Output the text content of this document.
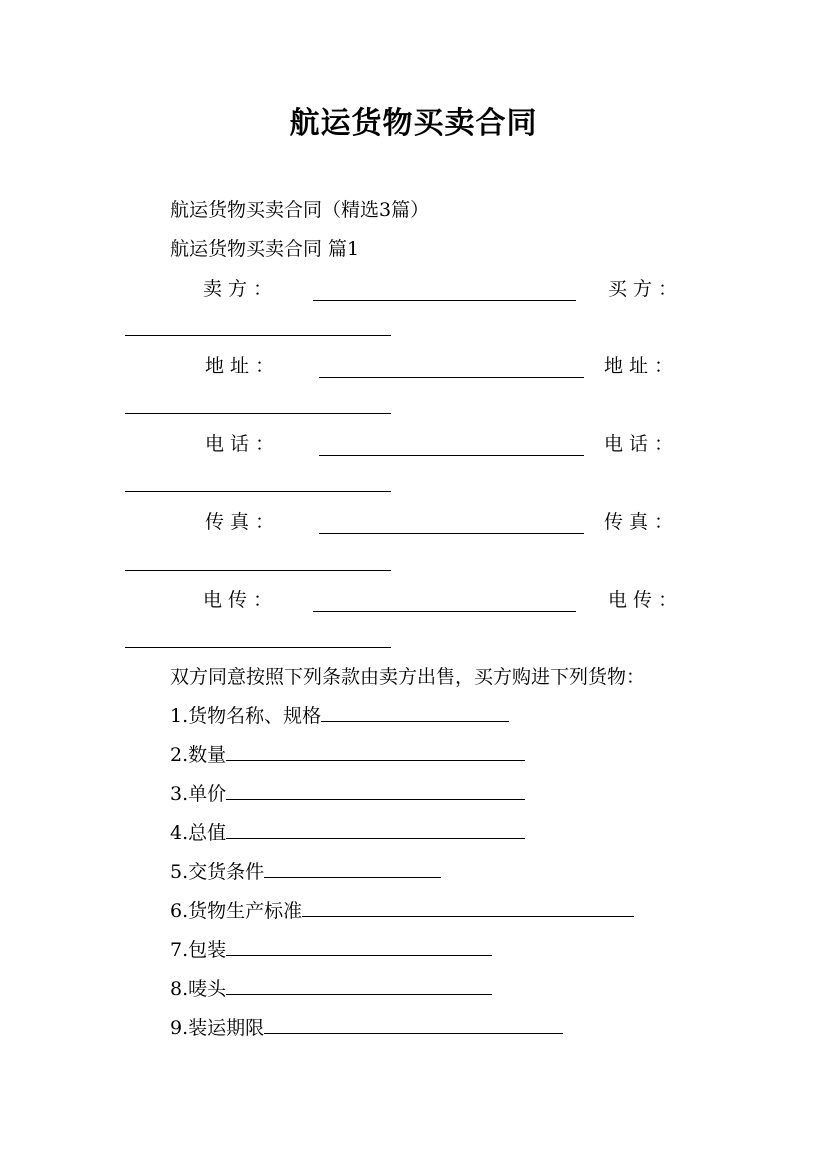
航运货物买卖合同
航运货物买卖合同（精选3篇）
航运货物买卖合同 篇1
卖 方 ：	买 方 ：
地 址 ：	地 址 ：
电 话 ：	电 话 ：
传 真 ：	传 真 ：
电 传 ：	电 传 ：
双方同意按照下列条款由卖方出售，买方购进下列货物：
1.货物名称、规格
2.数量
3.单价
4.总值
5.交货条件
6.货物生产标准
7.包装
8.唛头
9.装运期限
